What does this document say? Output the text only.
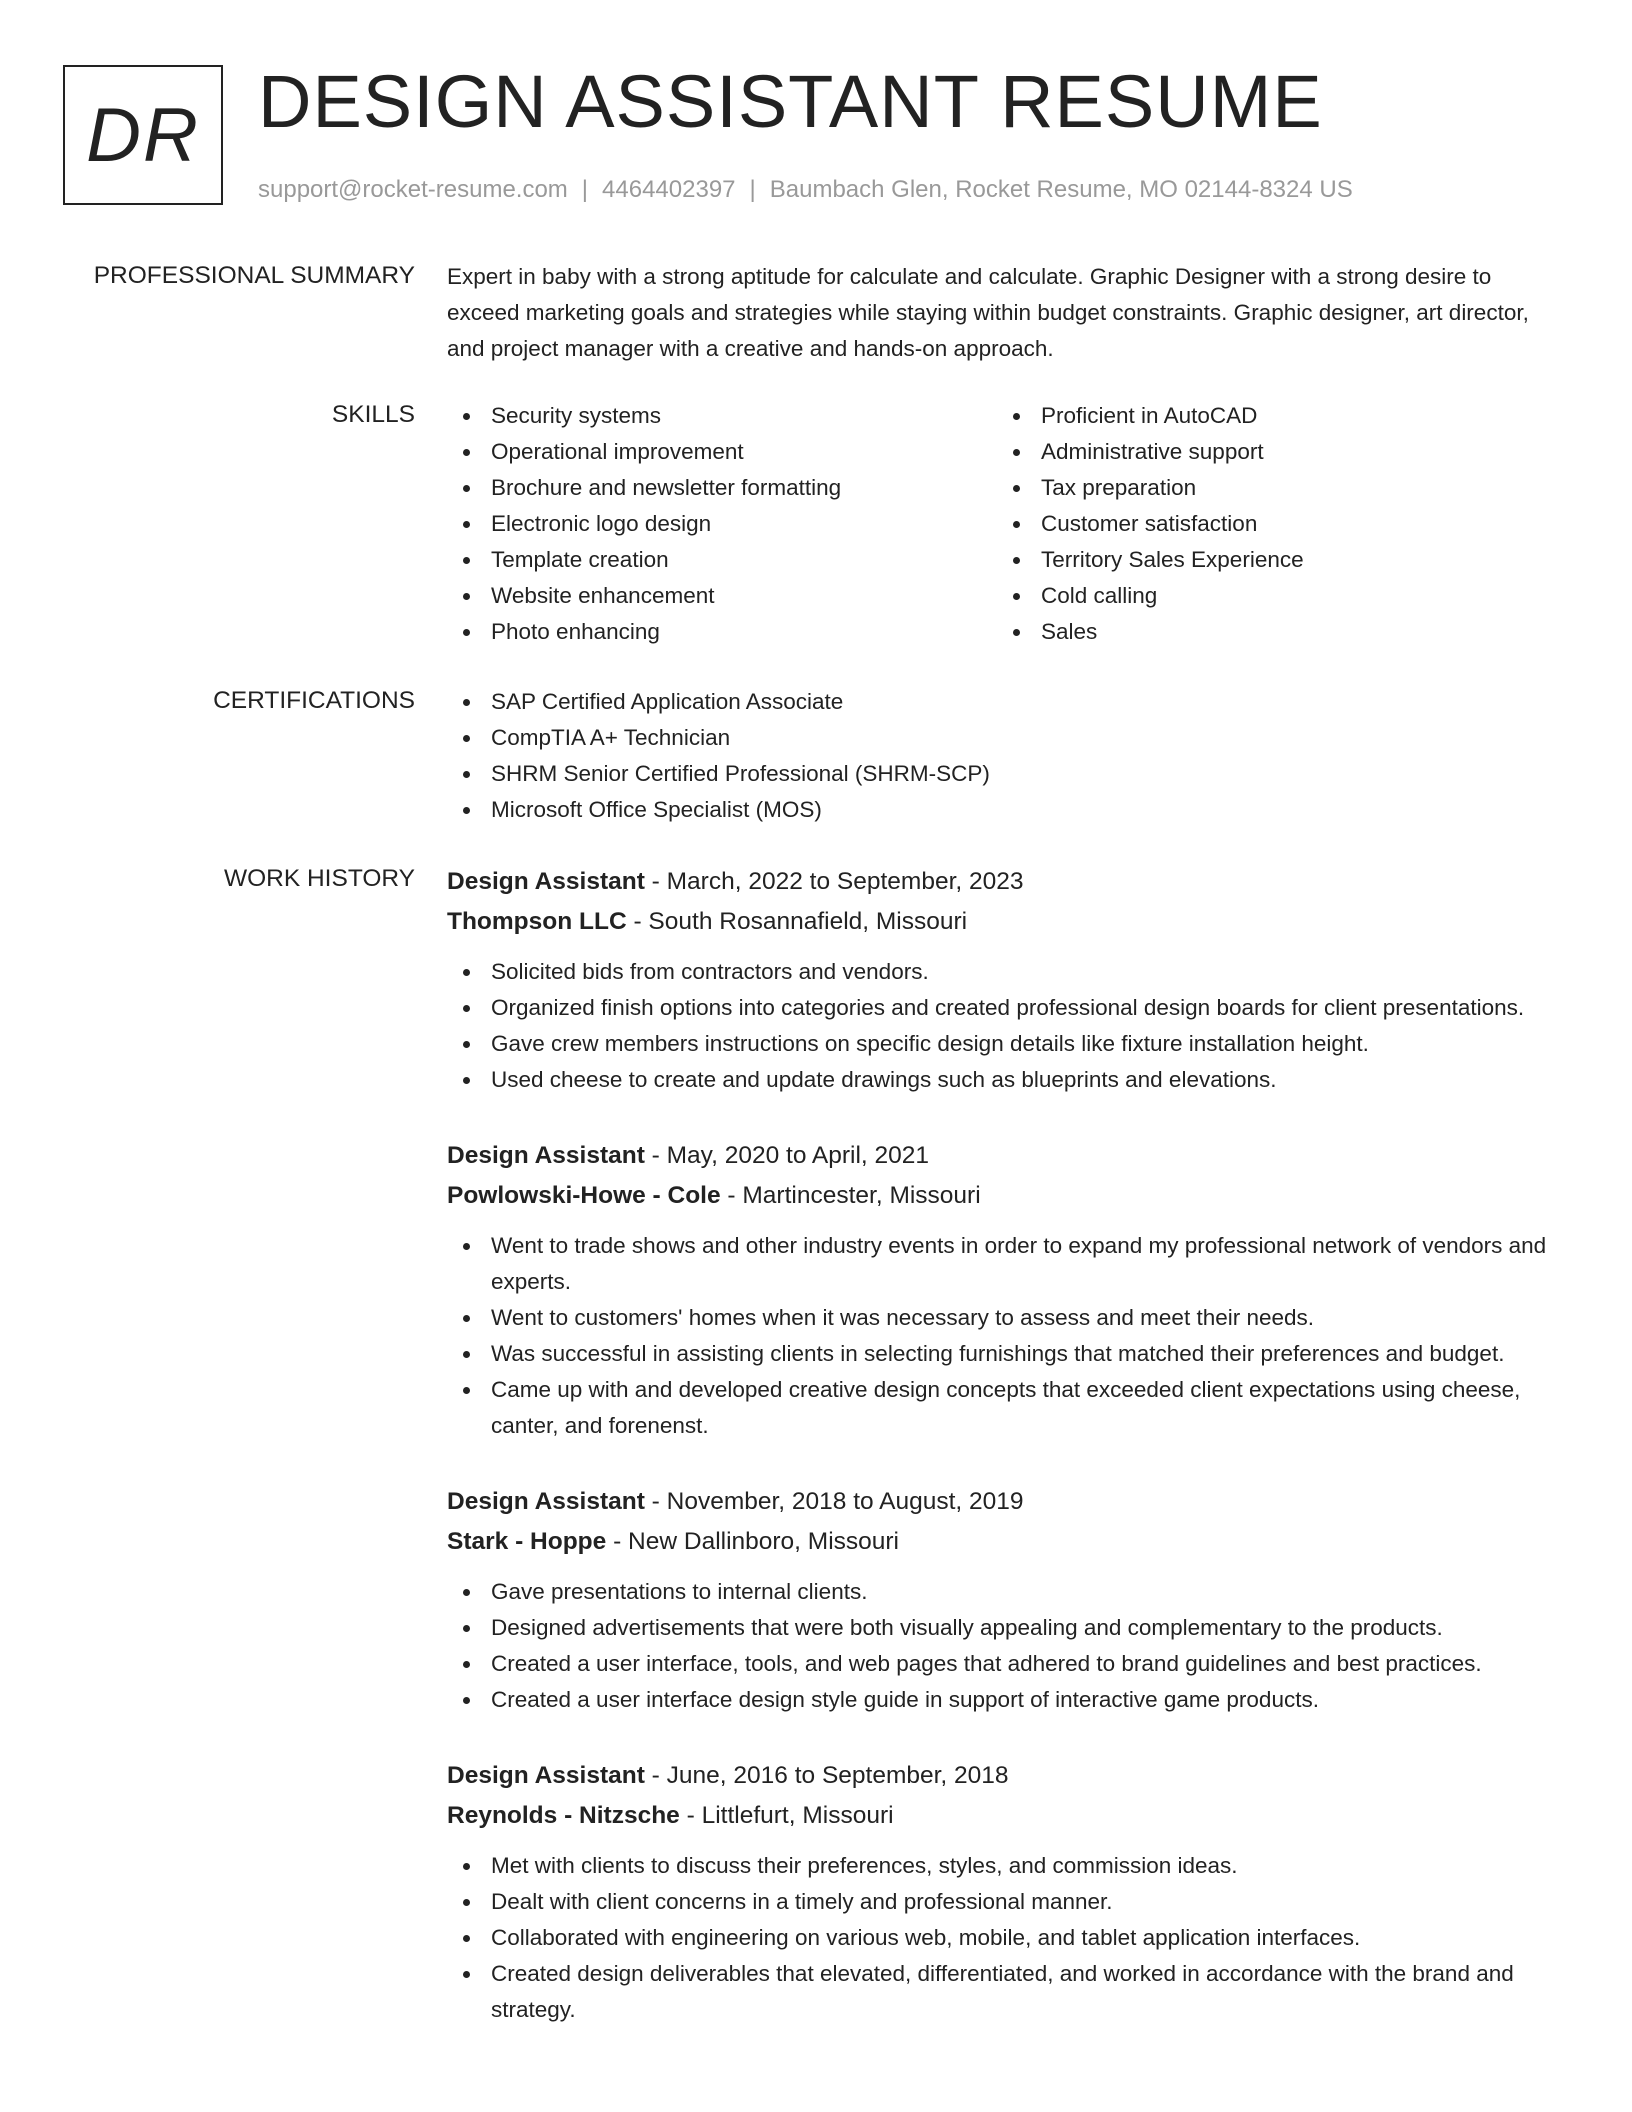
DR DESIGN ASSISTANT RESUME
support@rocket-resume.com | 4464402397 | Baumbach Glen, Rocket Resume, MO 02144-8324 US
PROFESSIONAL SUMMARY Expert in baby with a strong aptitude for calculate and calculate. Graphic Designer with a strong desire to exceed marketing goals and strategies while staying within budget constraints. Graphic designer, art director, and project manager with a creative and hands-on approach.
SKILLS	Security systems
Operational improvement
Brochure and newsletter formatting
Electronic logo design
Template creation
Website enhancement
Photo enhancing
Proficient in AutoCAD
Administrative support
Tax preparation
Customer satisfaction
Territory Sales Experience
Cold calling
Sales
CERTIFICATIONS	SAP Certified Application Associate
CompTIA A+ Technician
SHRM Senior Certified Professional (SHRM-SCP)
Microsoft Office Specialist (MOS)
WORK HISTORY Design Assistant - March, 2022 to September, 2023
Thompson LLC - South Rosannafield, Missouri
Solicited bids from contractors and vendors.
Organized finish options into categories and created professional design boards for client presentations.
Gave crew members instructions on specific design details like fixture installation height.
Used cheese to create and update drawings such as blueprints and elevations.
Design Assistant - May, 2020 to April, 2021
Powlowski-Howe - Cole - Martincester, Missouri
Went to trade shows and other industry events in order to expand my professional network of vendors and experts.
Went to customers' homes when it was necessary to assess and meet their needs.
Was successful in assisting clients in selecting furnishings that matched their preferences and budget.
Came up with and developed creative design concepts that exceeded client expectations using cheese, canter, and forenenst.
Design Assistant - November, 2018 to August, 2019
Stark - Hoppe - New Dallinboro, Missouri
Gave presentations to internal clients.
Designed advertisements that were both visually appealing and complementary to the products.
Created a user interface, tools, and web pages that adhered to brand guidelines and best practices.
Created a user interface design style guide in support of interactive game products.
Design Assistant - June, 2016 to September, 2018
Reynolds - Nitzsche - Littlefurt, Missouri
Met with clients to discuss their preferences, styles, and commission ideas.
Dealt with client concerns in a timely and professional manner.
Collaborated with engineering on various web, mobile, and tablet application interfaces.
Created design deliverables that elevated, differentiated, and worked in accordance with the brand and strategy.
